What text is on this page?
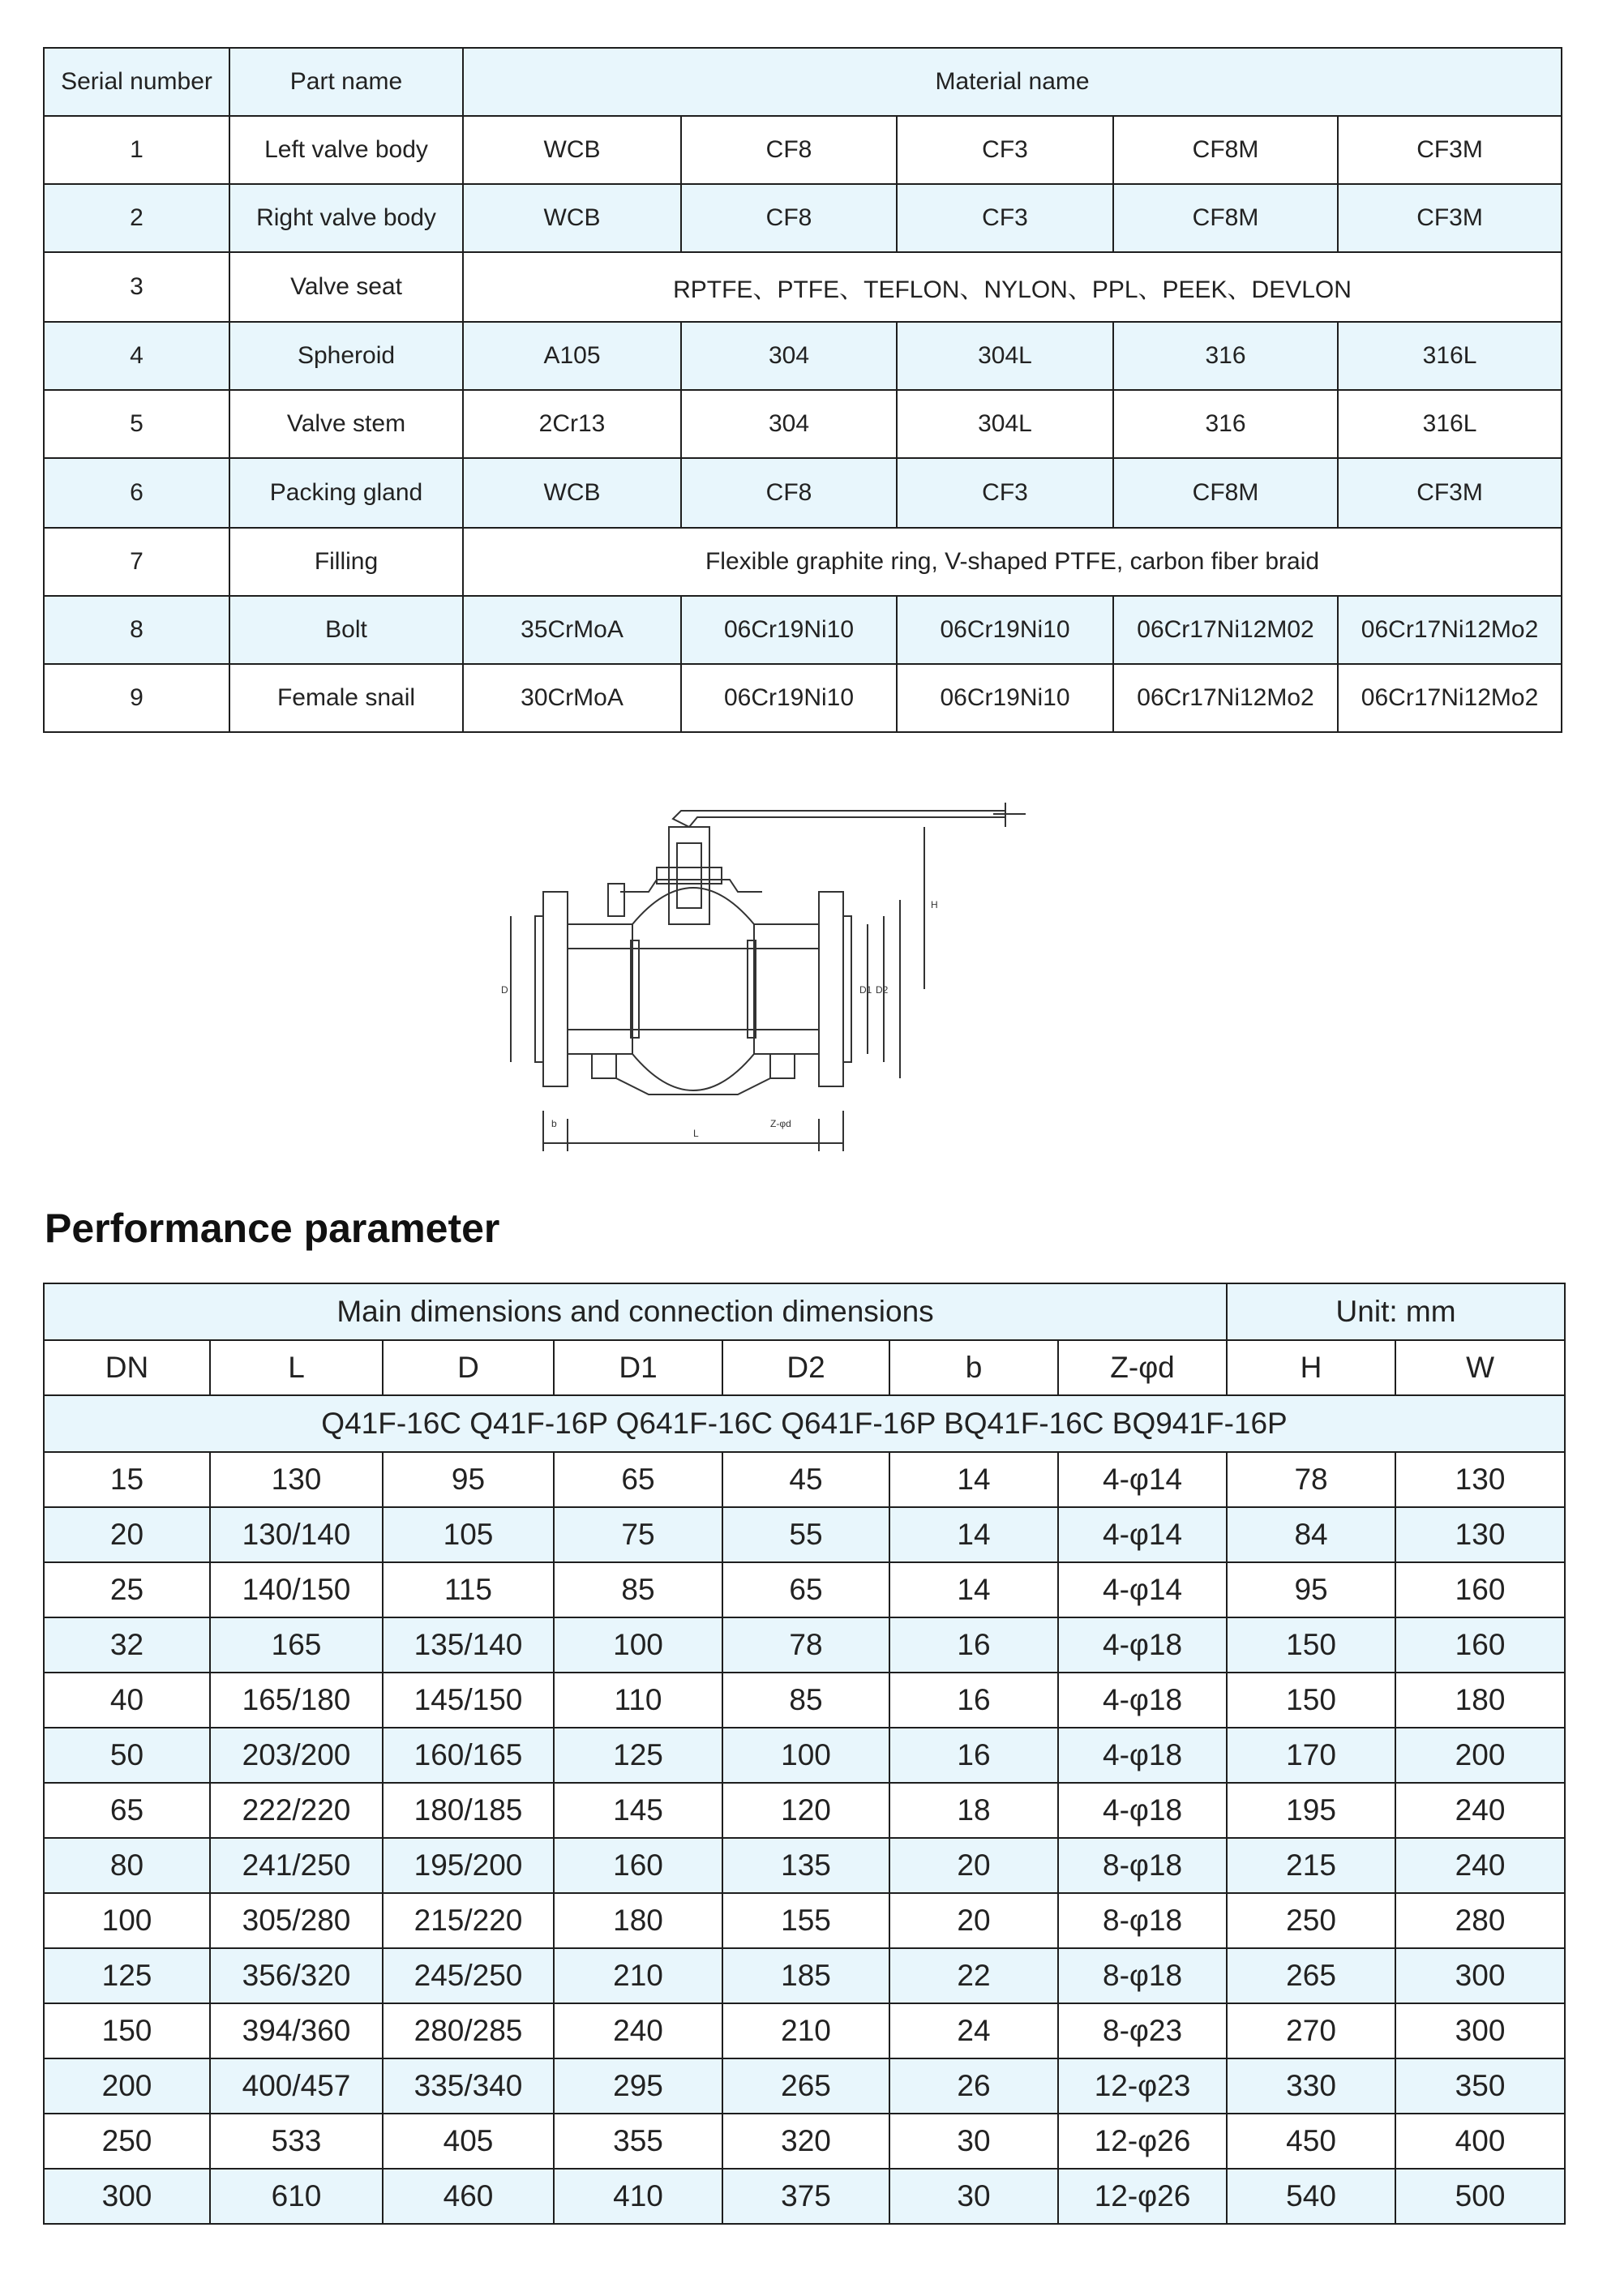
Serial number	Part name	Material name				
1	Left valve body	WCB	CF8	CF3	CF8M	CF3M
2	Right valve body	WCB	CF8	CF3	CF8M	CF3M
3	Valve seat	RPTFE、PTFE、TEFLON、NYLON、PPL、PEEK、DEVLON				
4	Spheroid	A105	304	304L	316	316L
5	Valve stem	2Cr13	304	304L	316	316L
6	Packing gland	WCB	CF8	CF3	CF8M	CF3M
7	Filling	Flexible graphite ring, V-shaped PTFE, carbon fiber braid				
8	Bolt	35CrMoA	06Cr19Ni10	06Cr19Ni10	06Cr17Ni12M02	06Cr17Ni12Mo2
9	Female snail	30CrMoA	06Cr19Ni10	06Cr19Ni10	06Cr17Ni12Mo2	06Cr17Ni12Mo2
D	D1 D2
H
L
b	Z-φd
Performance parameter
Main dimensions and connection dimensions							Unit: mm	
DN	L	D	D1	D2	b	Z-φd	H	W
Q41F-16C Q41F-16P Q641F-16C Q641F-16P BQ41F-16C BQ941F-16P								
15	130	95	65	45	14	4-φ14	78	130
20	130/140	105	75	55	14	4-φ14	84	130
25	140/150	115	85	65	14	4-φ14	95	160
32	165	135/140	100	78	16	4-φ18	150	160
40	165/180	145/150	110	85	16	4-φ18	150	180
50	203/200	160/165	125	100	16	4-φ18	170	200
65	222/220	180/185	145	120	18	4-φ18	195	240
80	241/250	195/200	160	135	20	8-φ18	215	240
100	305/280	215/220	180	155	20	8-φ18	250	280
125	356/320	245/250	210	185	22	8-φ18	265	300
150	394/360	280/285	240	210	24	8-φ23	270	300
200	400/457	335/340	295	265	26	12-φ23	330	350
250	533	405	355	320	30	12-φ26	450	400
300	610	460	410	375	30	12-φ26	540	500
